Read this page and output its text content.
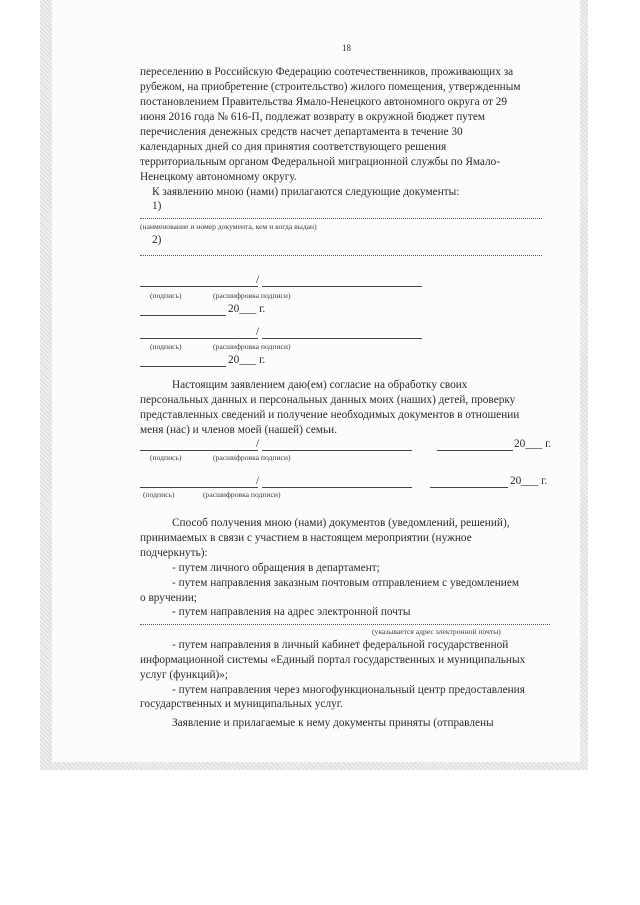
18
переселению в Российскую Федерацию соотечественников, проживающих за
рубежом, на приобретение (строительство) жилого помещения, утвержденным
постановлением Правительства Ямало-Ненецкого автономного округа от 29
июня 2016 года № 616-П, подлежат возврату в окружной бюджет путем
перечисления денежных средств насчет департамента в течение 30
календарных дней со дня принятия соответствующего решения
территориальным органом Федеральной миграционной службы по Ямало-
Ненецкому автономному округу.
К заявлению мною (нами) прилагаются следующие документы:
1)
(наименование и номер документа, кем и когда выдан)
2)
/
(подпись)	(расшифровка подписи)
20___ г.
/
(подпись)	(расшифровка подписи)
20___ г.
Настоящим заявлением даю(ем) согласие на обработку своих
персональных данных и персональных данных моих (наших) детей, проверку
представленных сведений и получение необходимых документов в отношении
меня (нас) и членов моей (нашей) семьи.
/
(подпись)	(расшифровка подписи)
20___ г.
/
(подпись)	(расшифровка подписи)
20___ г.
Способ получения мною (нами) документов (уведомлений, решений),
принимаемых в связи с участием в настоящем мероприятии (нужное
подчеркнуть):
- путем личного обращения в департамент;
- путем направления заказным почтовым отправлением с уведомлением
о вручении;
- путем направления на адрес электронной почты
(указывается адрес электронной почты)
- путем направления в личный кабинет федеральной государственной
информационной системы «Единый портал государственных и муниципальных
услуг (функций)»;
- путем направления через многофункциональный центр предоставления
государственных и муниципальных услуг.
Заявление и прилагаемые к нему документы приняты (отправлены
